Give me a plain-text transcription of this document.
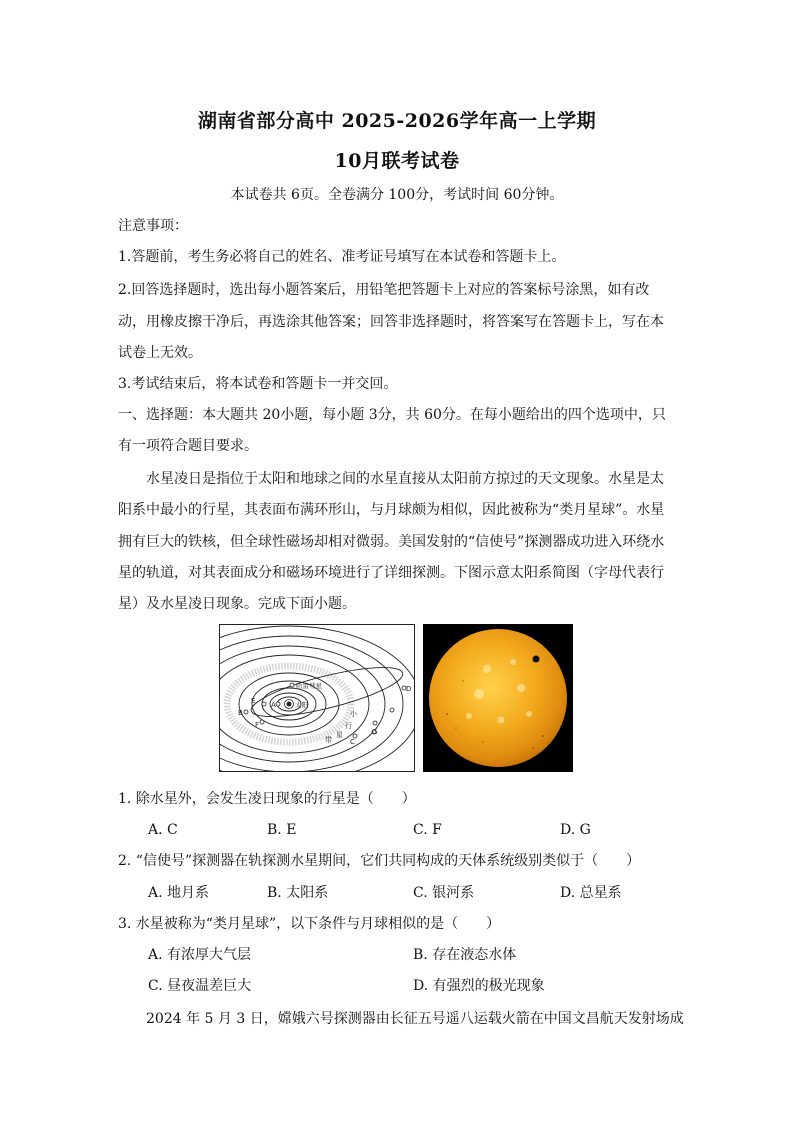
湖南省部分高中 2025-2026学年高一上学期
10月联考试卷
本试卷共 6页。全卷满分 100分，考试时间 60分钟。
注意事项：
1.答题前，考生务必将自己的姓名、准考证号填写在本试卷和答题卡上。
2.回答选择题时，选出每小题答案后，用铅笔把答题卡上对应的答案标号涂黑，如有改
动，用橡皮擦干净后，再选涂其他答案；回答非选择题时，将答案写在答题卡上，写在本
试卷上无效。
3.考试结束后，将本试卷和答题卡一并交回。
一、选择题：本大题共 20小题，每小题 3分，共 60分。在每小题给出的四个选项中，只
有一项符合题目要求。
水星凌日是指位于太阳和地球之间的水星直接从太阳前方掠过的天文现象。水星是太
阳系中最小的行星，其表面布满环形山，与月球颇为相似，因此被称为“类月星球”。水星
拥有巨大的铁核，但全球性磁场却相对微弱。美国发射的“信使号”探测器成功进入环绕水
星的轨道，对其表面成分和磁场环境进行了详细探测。下图示意太阳系简图（字母代表行
星）及水星凌日现象。完成下面小题。
太阳
哈雷彗星
A
B
C
D
E
F
G
小
行
星
带
1. 除水星外，会发生凌日现象的行星是（　　）
A. C	B. E	C. F	D. G
2. “信使号”探测器在轨探测水星期间，它们共同构成的天体系统级别类似于（　　）
A. 地月系	B. 太阳系	C. 银河系	D. 总星系
3. 水星被称为“类月星球”，以下条件与月球相似的是（　　）
A. 有浓厚大气层	B. 存在液态水体
C. 昼夜温差巨大	D. 有强烈的极光现象
2024 年 5 月 3 日，嫦娥六号探测器由长征五号遥八运载火箭在中国文昌航天发射场成
